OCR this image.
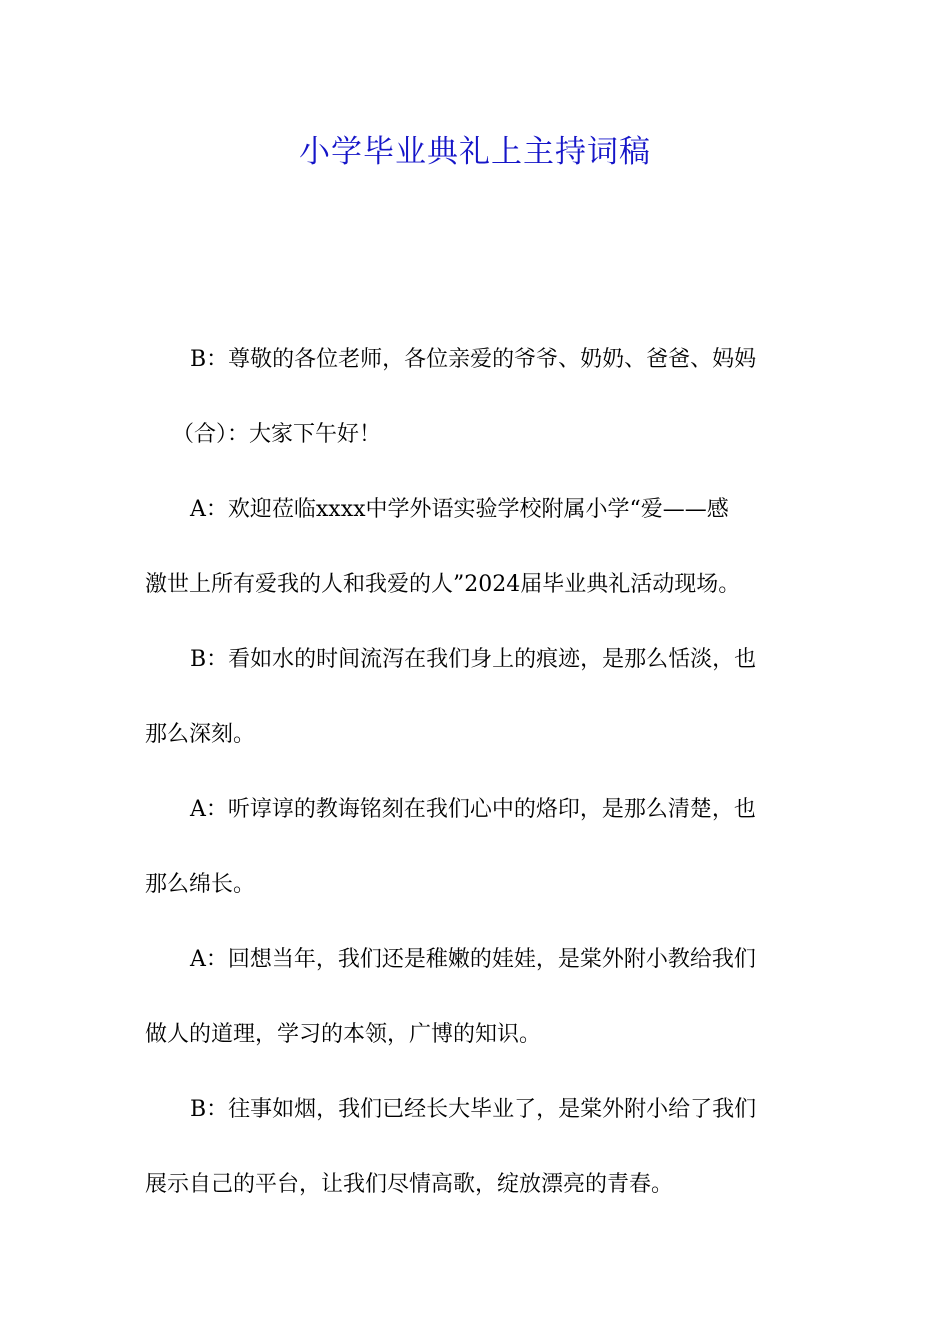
小学毕业典礼上主持词稿
B：尊敬的各位老师，各位亲爱的爷爷、奶奶、爸爸、妈妈
（合）：大家下午好！
A：欢迎莅临xxxx中学外语实验学校附属小学“爱——感
激世上所有爱我的人和我爱的人”2024届毕业典礼活动现场。
B：看如水的时间流泻在我们身上的痕迹，是那么恬淡，也
那么深刻。
A：听谆谆的教诲铭刻在我们心中的烙印，是那么清楚，也
那么绵长。
A：回想当年，我们还是稚嫩的娃娃，是棠外附小教给我们
做人的道理，学习的本领，广博的知识。
B：往事如烟，我们已经长大毕业了，是棠外附小给了我们
展示自己的平台，让我们尽情高歌，绽放漂亮的青春。
